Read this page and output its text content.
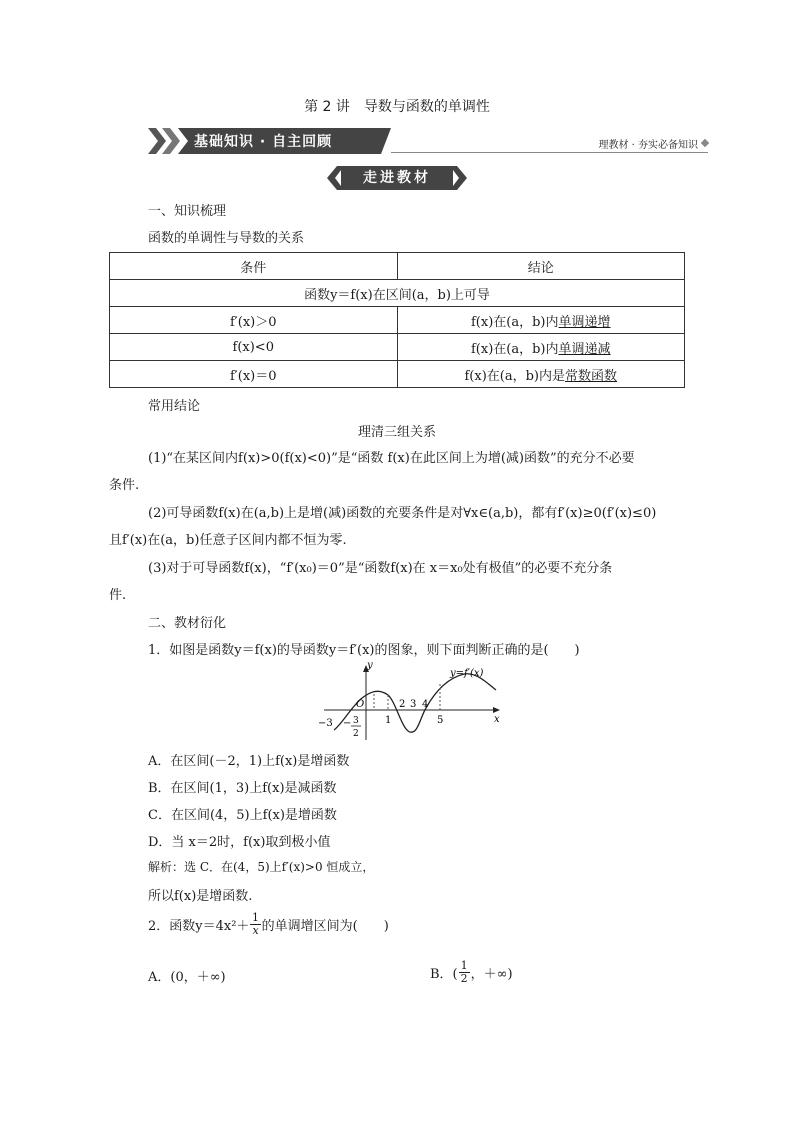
第 2 讲　导数与函数的单调性
基础知识 · 自主回顾	理教材 · 夯实必备知识
走进教材
一、知识梳理
函数的单调性与导数的关系
条件	结论
函数y＝f(x)在区间(a，b)上可导	
f′(x)＞0	f(x)在(a，b)内单调递增
f(x)<0	f(x)在(a，b)内单调递减
f′(x)＝0	f(x)在(a，b)内是常数函数
常用结论
理清三组关系
(1)“在某区间内f(x)>0(f(x)<0)”是“函数 f(x)在此区间上为增(减)函数”的充分不必要
条件.
(2)可导函数f(x)在(a,b)上是增(减)函数的充要条件是对∀x∈(a,b)，都有f′(x)≥0(f′(x)≤0)
且f′(x)在(a，b)任意子区间内都不恒为零.
(3)对于可导函数f(x)，“f′(x₀)＝0”是“函数f(x)在 x＝x₀处有极值”的必要不充分条
件.
二、教材衍化
1．如图是函数y＝f(x)的导函数y＝f′(x)的图象，则下面判断正确的是(　　)
y
x
y=f′(x)
O
−3 − 3
2
1
2 3 4
5
A．在区间(－2，1)上f(x)是增函数
B．在区间(1，3)上f(x)是减函数
C．在区间(4，5)上f(x)是增函数
D．当 x＝2时，f(x)取到极小值
解析：选 C．在(4，5)上f′(x)>0 恒成立，
所以f(x)是增函数.
2．函数$y=4x^2+ \frac{1}{x}$ 的单调增区间为(　　)
A．(0，＋∞)	B．( $\frac{1}{2}$ ，＋∞)
